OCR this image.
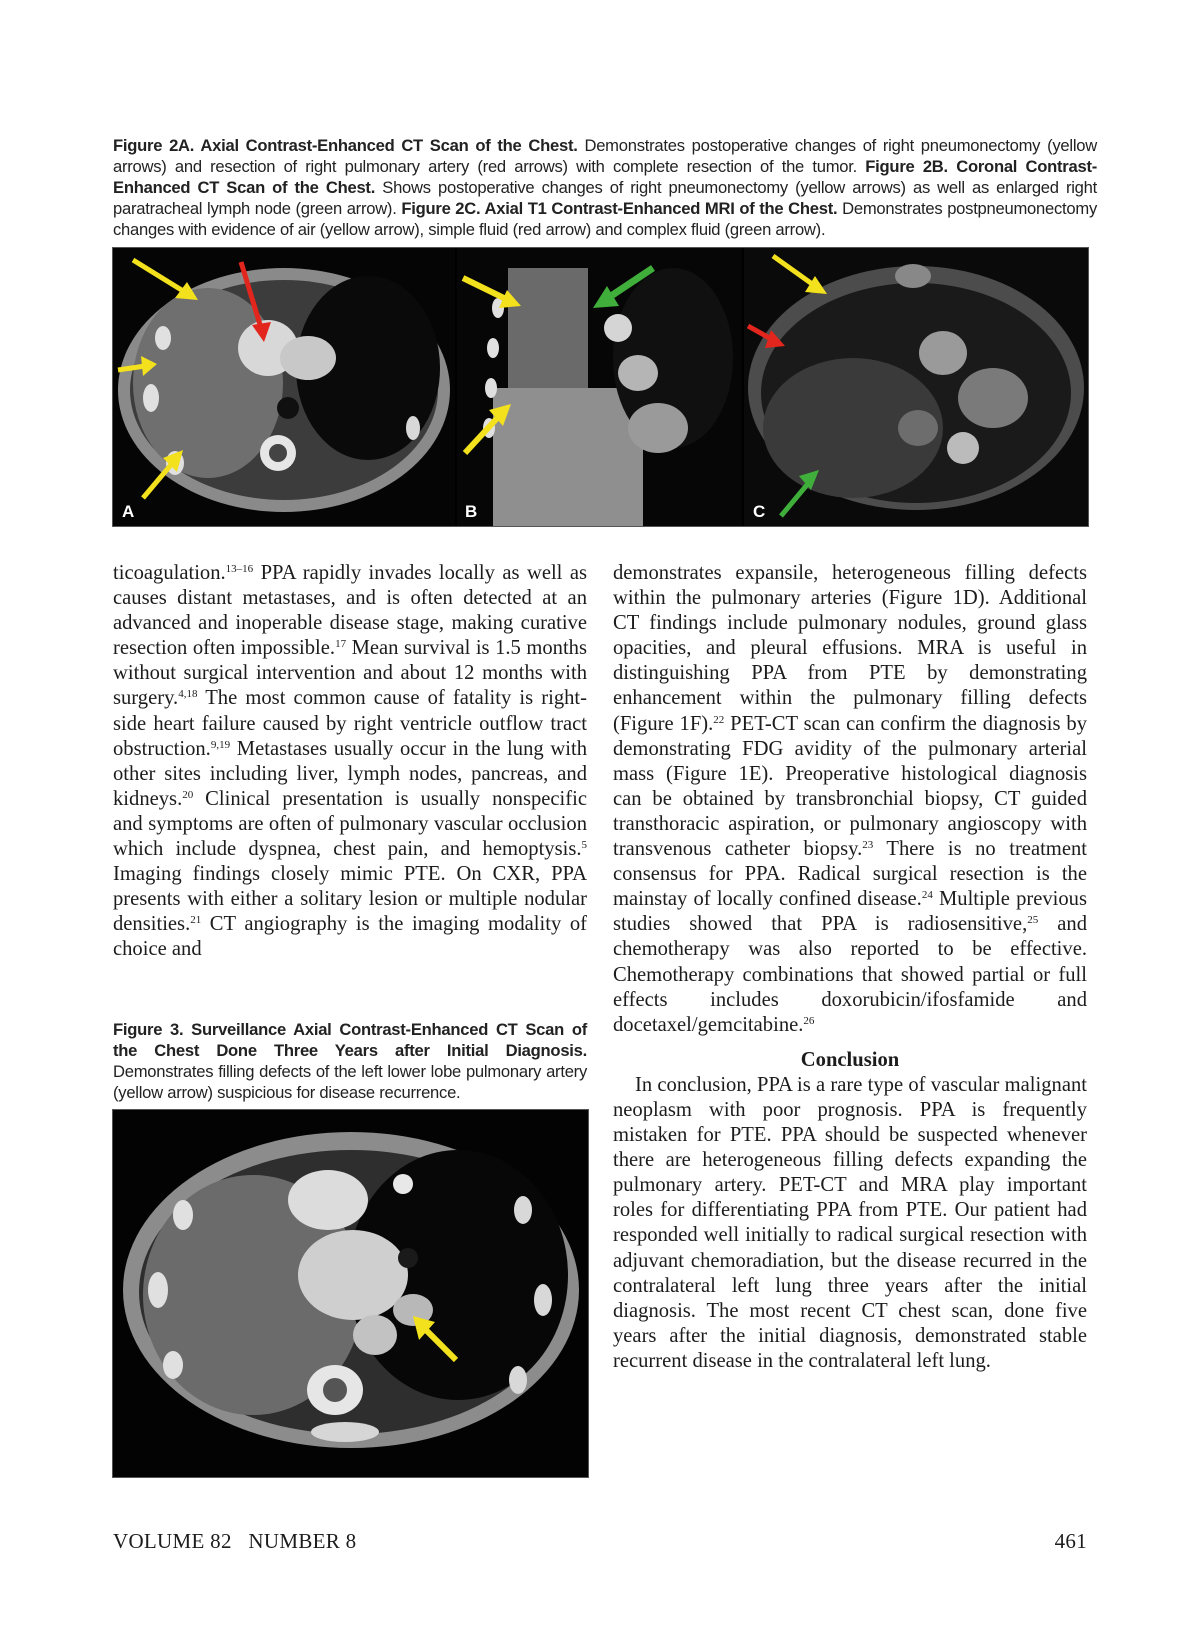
Figure 2A. Axial Contrast-Enhanced CT Scan of the Chest. Demonstrates postoperative changes of right pneumonectomy (yellow arrows) and resection of right pulmonary artery (red arrows) with complete resection of the tumor. Figure 2B. Coronal Contrast-Enhanced CT Scan of the Chest. Shows postoperative changes of right pneumonectomy (yellow arrows) as well as enlarged right paratracheal lymph node (green arrow). Figure 2C. Axial T1 Contrast-Enhanced MRI of the Chest. Demonstrates postpneumonectomy changes with evidence of air (yellow arrow), simple fluid (red arrow) and complex fluid (green arrow).
A	B	C

ticoagulation.$^{13-16}$ PPA rapidly invades locally as well as causes distant metastases, and is often detected at an advanced and inoperable disease stage, making curative resection often impossible.$^{17}$ Mean survival is 1.5 months without surgical intervention and about 12 months with surgery.$^{4,18}$ The most common cause of fatality is right-side heart failure caused by right ventricle outflow tract obstruction.$^{9,19}$ Metastases usually occur in the lung with other sites including liver, lymph nodes, pancreas, and kidneys.$^{20}$ Clinical presentation is usually nonspecific and symptoms are often of pulmonary vascular occlusion which include dyspnea, chest pain, and hemoptysis.$^5$ Imaging findings closely mimic PTE. On CXR, PPA presents with either a solitary lesion or multiple nodular densities.$^{21}$ CT angiography is the imaging modality of choice and

Figure 3. Surveillance Axial Contrast-Enhanced CT Scan of the Chest Done Three Years after Initial Diagnosis. Demonstrates filling defects of the left lower lobe pulmonary artery (yellow arrow) suspicious for disease recurrence.

demonstrates expansile, heterogeneous filling defects within the pulmonary arteries (Figure 1D). Additional CT findings include pulmonary nodules, ground glass opacities, and pleural effusions. MRA is useful in distinguishing PPA from PTE by demonstrating enhancement within the pulmonary filling defects (Figure 1F).$^{22}$ PET-CT scan can confirm the diagnosis by demonstrating FDG avidity of the pulmonary arterial mass (Figure 1E). Preoperative histological diagnosis can be obtained by transbronchial biopsy, CT guided transthoracic aspiration, or pulmonary angioscopy with transvenous catheter biopsy.$^{23}$ There is no treatment consensus for PPA. Radical surgical resection is the mainstay of locally confined disease.$^{24}$ Multiple previous studies showed that PPA is radiosensitive,$^{25}$ and chemotherapy was also reported to be effective. Chemotherapy combinations that showed partial or full effects includes doxorubicin/ifosfamide and docetaxel/gemcitabine.$^{26}$

Conclusion

In conclusion, PPA is a rare type of vascular malignant neoplasm with poor prognosis. PPA is frequently mistaken for PTE. PPA should be suspected whenever there are heterogeneous filling defects expanding the pulmonary artery. PET-CT and MRA play important roles for differentiating PPA from PTE. Our patient had responded well initially to radical surgical resection with adjuvant chemoradiation, but the disease recurred in the contralateral left lung three years after the initial diagnosis. The most recent CT chest scan, done five years after the initial diagnosis, demonstrated stable recurrent disease in the contralateral left lung.

VOLUME 82   NUMBER 8	461
